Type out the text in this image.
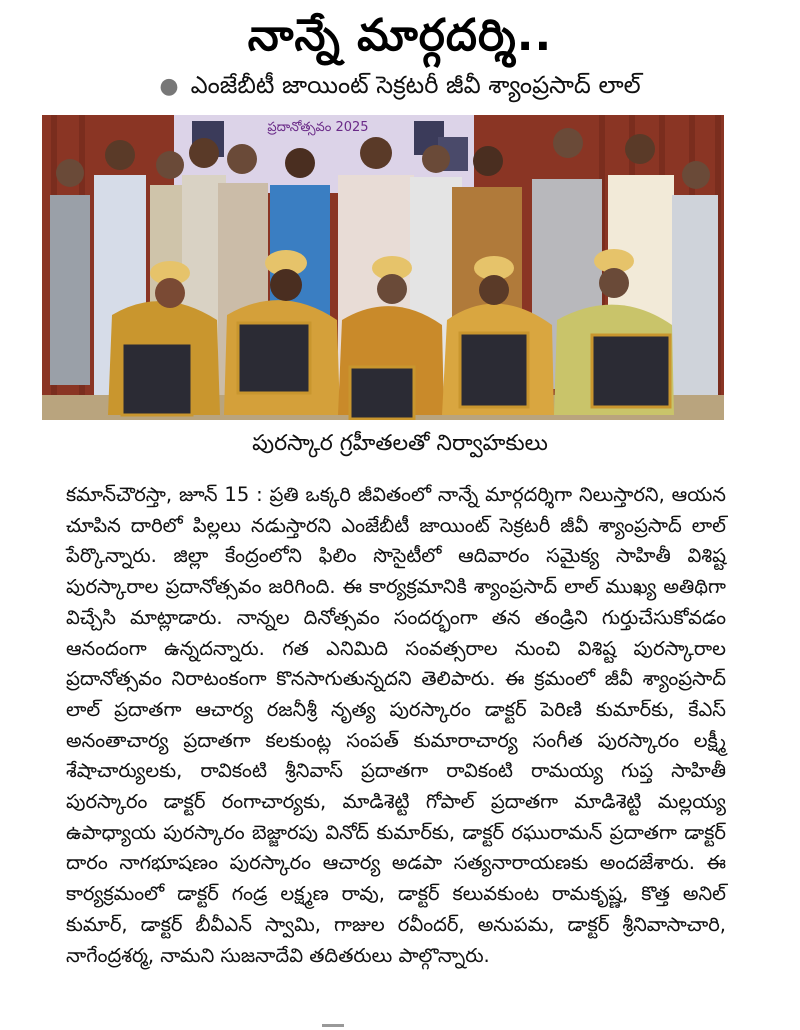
నాన్నే మార్గదర్శి..
● ఎంజేబీటీ జాయింట్ సెక్రటరీ జీవీ శ్యాంప్రసాద్ లాల్
ప్రదానోత్సవం 2025
పురస్కార గ్రహీతలతో నిర్వాహకులు

కమాన్‌చౌరస్తా, జూన్ 15 : ప్రతి ఒక్కరి జీవితంలో నాన్నే మార్గదర్శిగా నిలుస్తారని, ఆయన చూపిన దారిలో పిల్లలు నడుస్తారని ఎంజేబీటీ జాయింట్ సెక్రటరీ జీవీ శ్యాంప్రసాద్ లాల్ పేర్కొన్నారు. జిల్లా కేంద్రంలోని ఫిలిం సొసైటీలో ఆదివారం సమైక్య సాహితీ విశిష్ట పురస్కారాల ప్రదానోత్సవం జరిగింది. ఈ కార్యక్రమానికి శ్యాంప్రసాద్ లాల్ ముఖ్య అతిథిగా విచ్చేసి మాట్లాడారు. నాన్నల దినోత్సవం సందర్భంగా తన తండ్రిని గుర్తుచేసుకోవడం ఆనందంగా ఉన్నదన్నారు. గత ఎనిమిది సంవత్సరాల నుంచి విశిష్ట పురస్కారాల ప్రదానోత్సవం నిరాటంకంగా కొనసాగుతున్నదని తెలిపారు. ఈ క్రమంలో జీవీ శ్యాంప్రసాద్ లాల్ ప్రదాతగా ఆచార్య రజనీశ్రీ నృత్య పురస్కారం డాక్టర్ పెరిణి కుమార్‌కు, కేఎస్ అనంతాచార్య ప్రదాతగా కలకుంట్ల సంపత్ కుమారాచార్య సంగీత పురస్కారం లక్ష్మీ శేషాచార్యులకు, రావికంటి శ్రీనివాస్ ప్రదాతగా రావికంటి రామయ్య గుప్త సాహితీ పురస్కారం డాక్టర్ రంగాచార్యకు, మాడిశెట్టి గోపాల్ ప్రదాతగా మాడిశెట్టి మల్లయ్య ఉపాధ్యాయ పురస్కారం బెజ్జారపు వినోద్ కుమార్‌కు, డాక్టర్ రఘురామన్ ప్రదాతగా డాక్టర్ దారం నాగభూషణం పురస్కారం ఆచార్య అడపా సత్యనారాయణకు అందజేశారు. ఈ కార్యక్రమంలో డాక్టర్ గండ్ర లక్ష్మణ రావు, డాక్టర్ కలువకుంట రామకృష్ణ, కొత్త అనిల్ కుమార్, డాక్టర్ బీవీఎన్ స్వామి, గాజుల రవీందర్, అనుపమ, డాక్టర్ శ్రీనివాసాచారి, నాగేంద్రశర్మ, నామని సుజనాదేవి తదితరులు పాల్గొన్నారు.
